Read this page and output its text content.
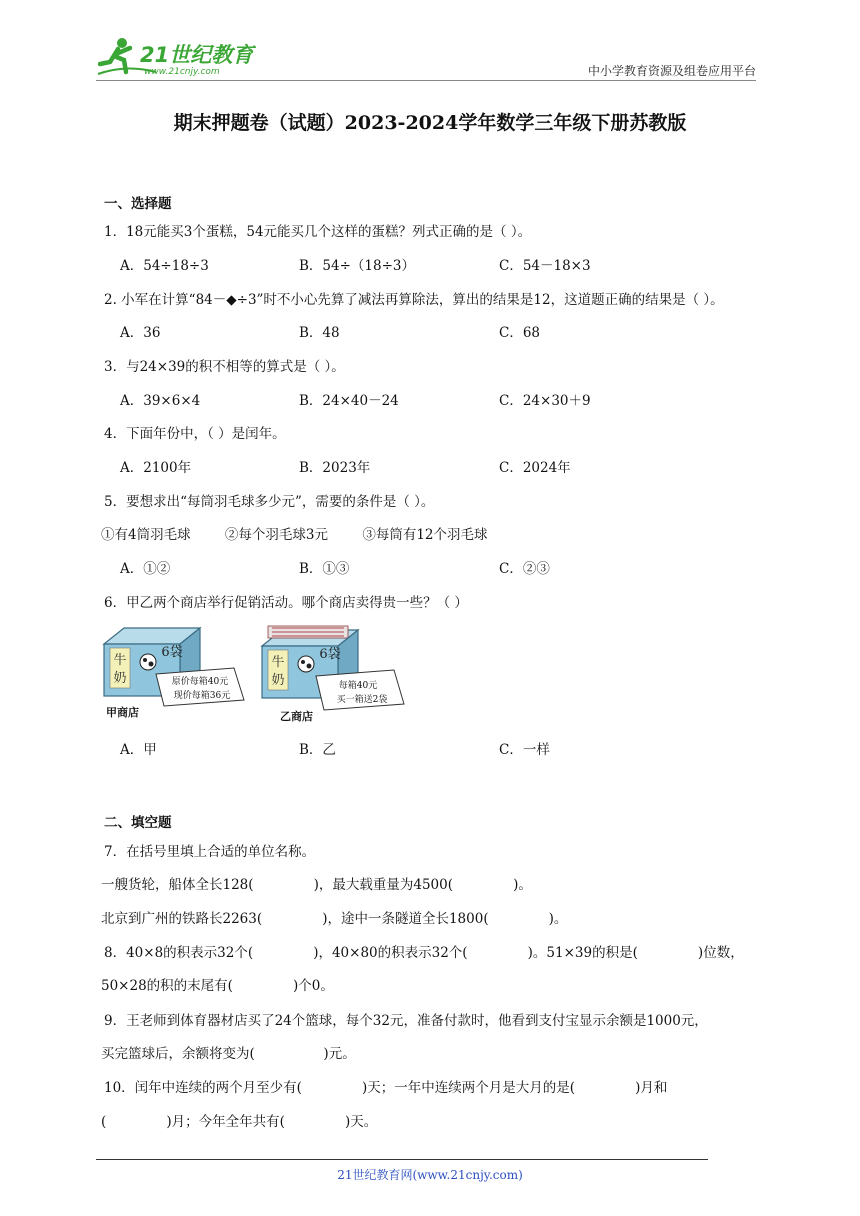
21世纪教育
www.21cnjy.com	中小学教育资源及组卷应用平台
期末押题卷（试题）2023-2024学年数学三年级下册苏教版
一、选择题
1．18元能买3个蛋糕，54元能买几个这样的蛋糕？列式正确的是（ ）。
A．54÷18÷3	B．54÷（18÷3）	C．54－18×3
2. 小军在计算“84－◆÷3”时不小心先算了减法再算除法，算出的结果是12，这道题正确的结果是（ ）。
A．36	B．48	C．68
3．与24×39的积不相等的算式是（ ）。
A．39×6×4	B．24×40－24	C．24×30＋9
4．下面年份中，（ ）是闰年。
A．2100年	B．2023年	C．2024年
5．要想求出“每筒羽毛球多少元”，需要的条件是（ ）。
①有4筒羽毛球        ②每个羽毛球3元        ③每筒有12个羽毛球
A．①②	B．①③	C．②③
6．甲乙两个商店举行促销活动。哪个商店卖得贵一些？（ ）
牛
奶
6袋
原价每箱40元
现价每箱36元
甲商店
牛
奶
6袋
每箱40元
买一箱送2袋
乙商店
A．甲	B．乙	C．一样
二、填空题
7．在括号里填上合适的单位名称。
一艘货轮，船体全长128(              )，最大载重量为4500(              )。
北京到广州的铁路长2263(              )，途中一条隧道全长1800(              )。
8．40×8的积表示32个(              )，40×80的积表示32个(              )。51×39的积是(              )位数，
50×28的积的末尾有(              )个0。
9．王老师到体育器材店买了24个篮球，每个32元，准备付款时，他看到支付宝显示余额是1000元，
买完篮球后，余额将变为(                )元。
10．闰年中连续的两个月至少有(              )天；一年中连续两个月是大月的是(              )月和
(              )月；今年全年共有(              )天。
21世纪教育网(www.21cnjy.com)
